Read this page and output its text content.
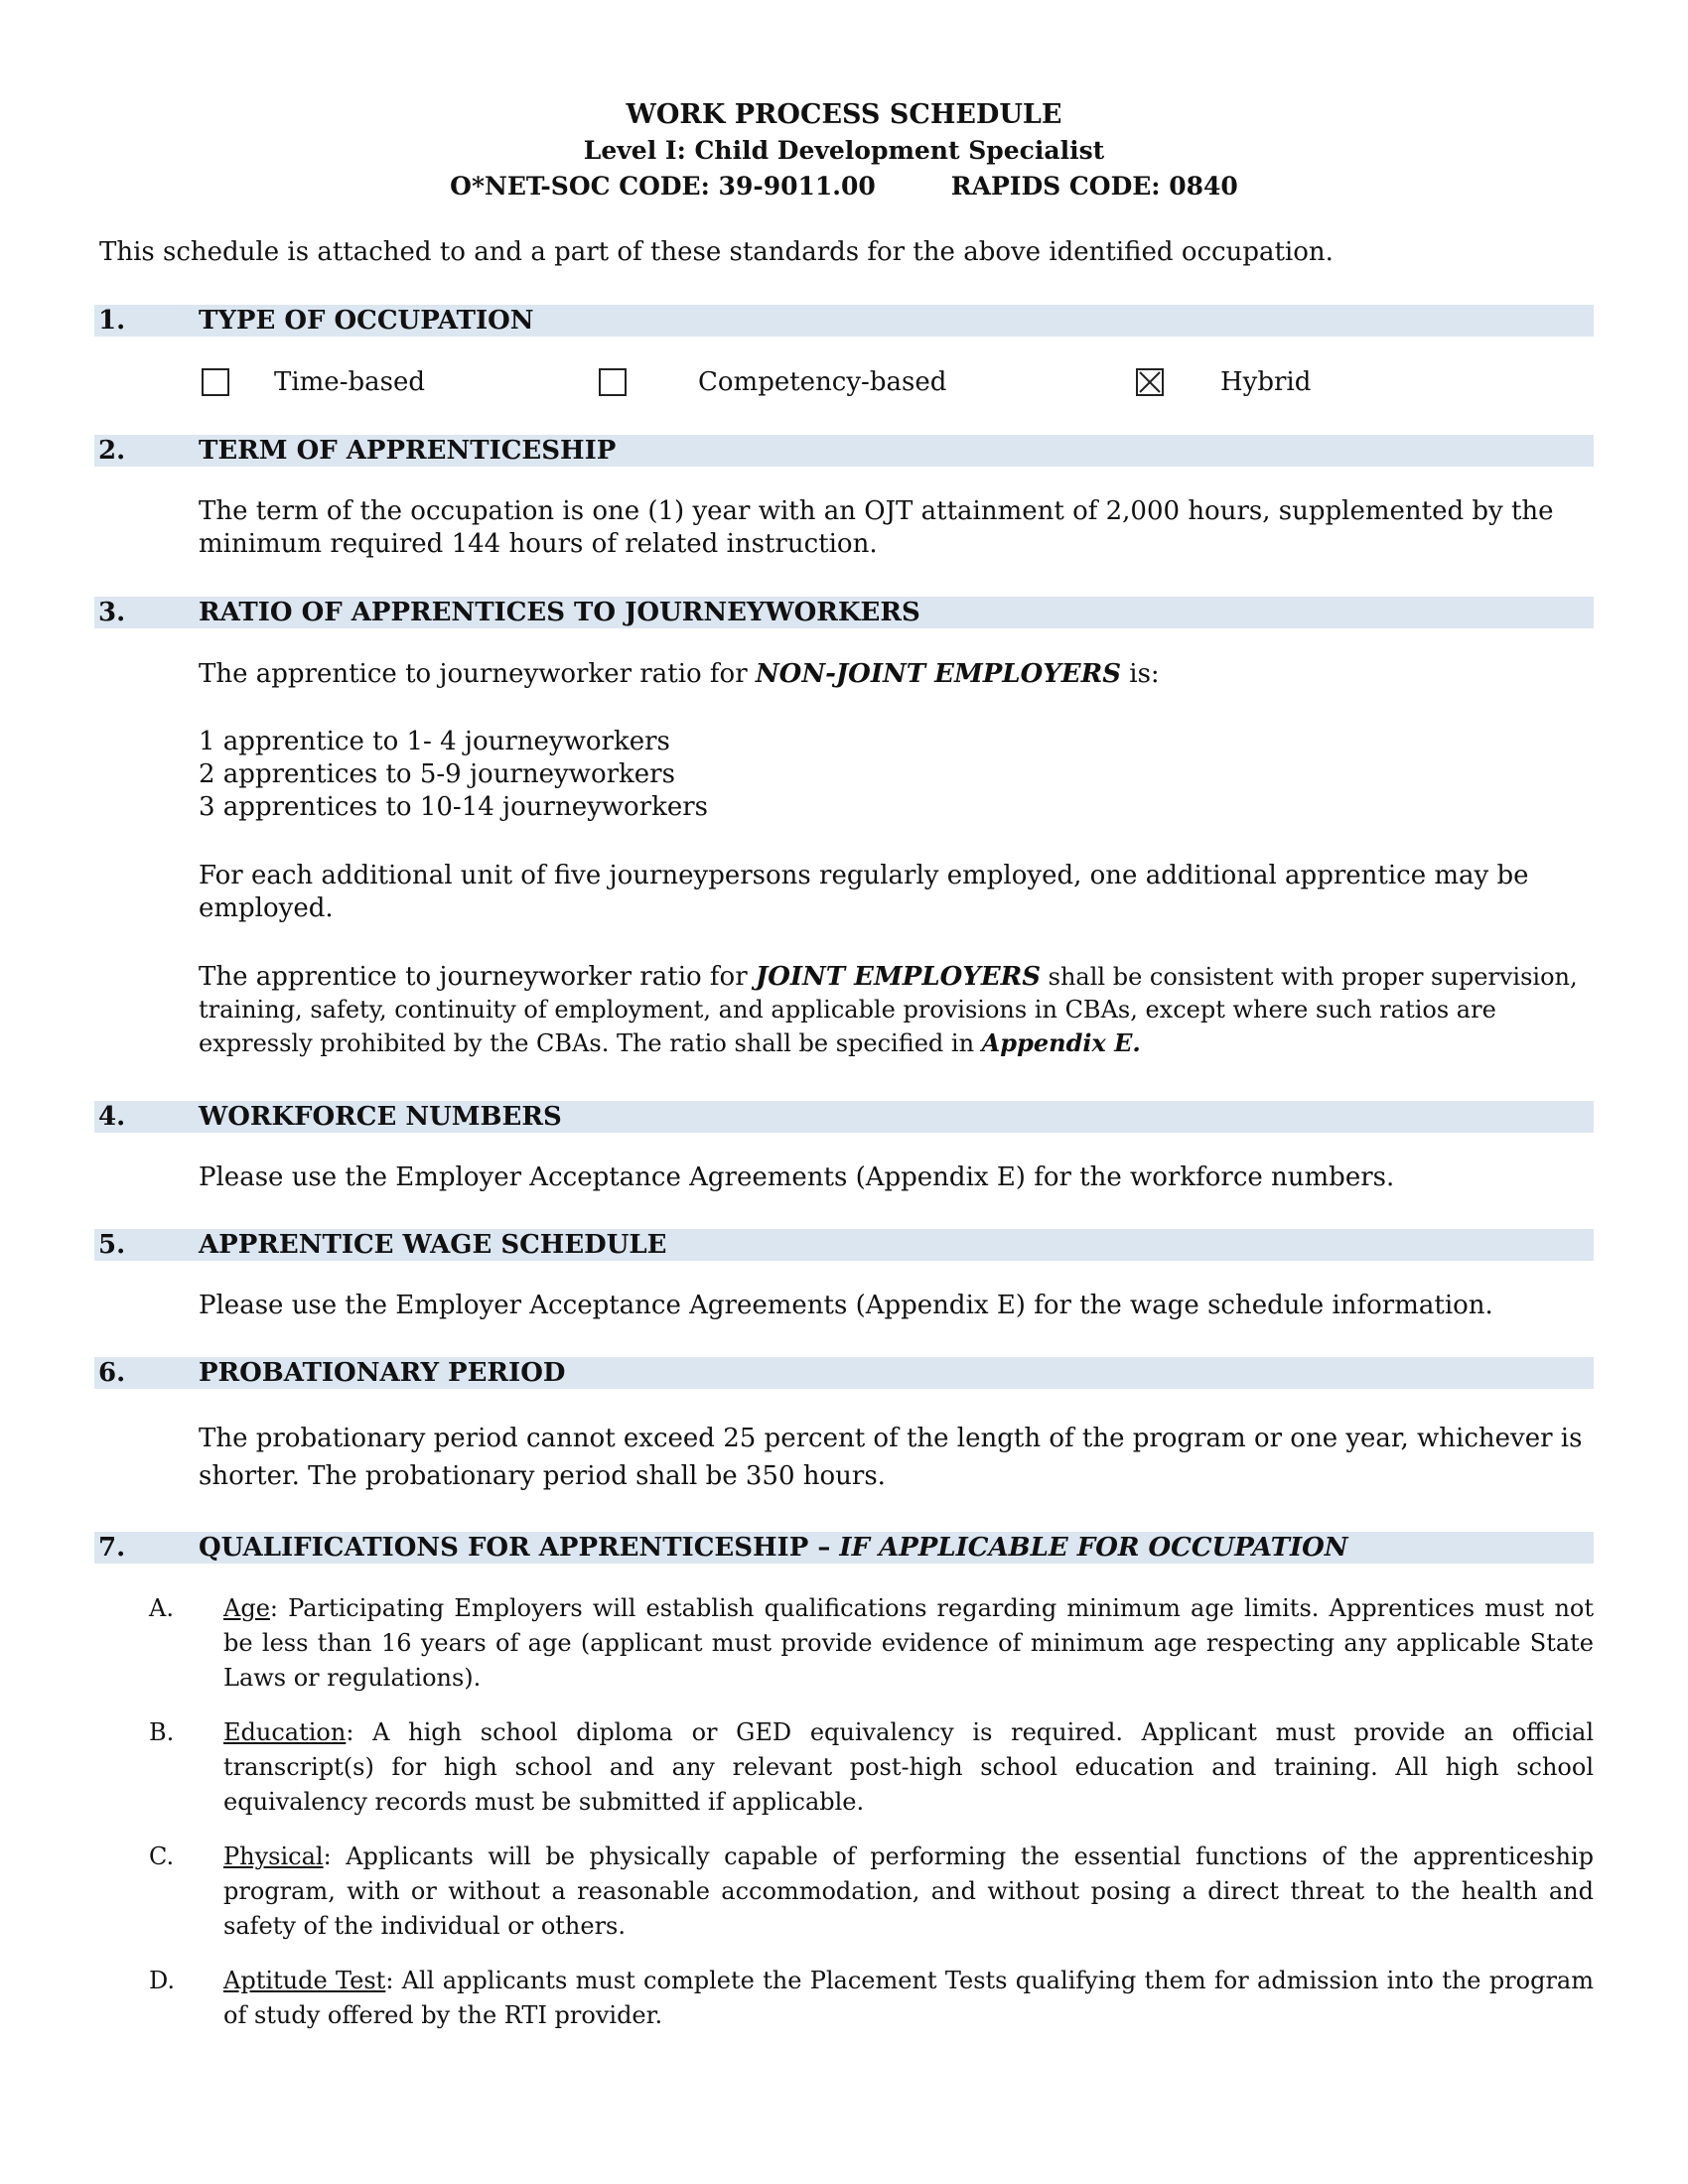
WORK PROCESS SCHEDULE
Level I: Child Development Specialist
O*NET-SOC CODE: 39-9011.00	RAPIDS CODE: 0840
This schedule is attached to and a part of these standards for the above identified occupation.
1.	TYPE OF OCCUPATION
Time-based	Competency-based	Hybrid
2.	TERM OF APPRENTICESHIP

The term of the occupation is one (1) year with an OJT attainment of 2,000 hours, supplemented by the minimum required 144 hours of related instruction.

3.	RATIO OF APPRENTICES TO JOURNEYWORKERS

The apprentice to journeyworker ratio for NON-JOINT EMPLOYERS is:

1 apprentice to 1- 4 journeyworkers

2 apprentices to 5-9 journeyworkers

3 apprentices to 10-14 journeyworkers

For each additional unit of five journeypersons regularly employed, one additional apprentice may be employed.

The apprentice to journeyworker ratio for JOINT EMPLOYERS shall be consistent with proper supervision, training, safety, continuity of employment, and applicable provisions in CBAs, except where such ratios are expressly prohibited by the CBAs. The ratio shall be specified in Appendix E.

4.	WORKFORCE NUMBERS

Please use the Employer Acceptance Agreements (Appendix E) for the workforce numbers.

5.	APPRENTICE WAGE SCHEDULE

Please use the Employer Acceptance Agreements (Appendix E) for the wage schedule information.

6.	PROBATIONARY PERIOD

The probationary period cannot exceed 25 percent of the length of the program or one year, whichever is shorter. The probationary period shall be 350 hours.

7.	QUALIFICATIONS FOR APPRENTICESHIP – IF APPLICABLE FOR OCCUPATION
A. Age: Participating Employers will establish qualifications regarding minimum age limits. Apprentices must not be less than 16 years of age (applicant must provide evidence of minimum age respecting any applicable State Laws or regulations).
B. Education: A high school diploma or GED equivalency is required. Applicant must provide an official transcript(s) for high school and any relevant post-high school education and training. All high school equivalency records must be submitted if applicable.
C. Physical: Applicants will be physically capable of performing the essential functions of the apprenticeship program, with or without a reasonable accommodation, and without posing a direct threat to the health and safety of the individual or others.
D. Aptitude Test: All applicants must complete the Placement Tests qualifying them for admission into the program of study offered by the RTI provider.
